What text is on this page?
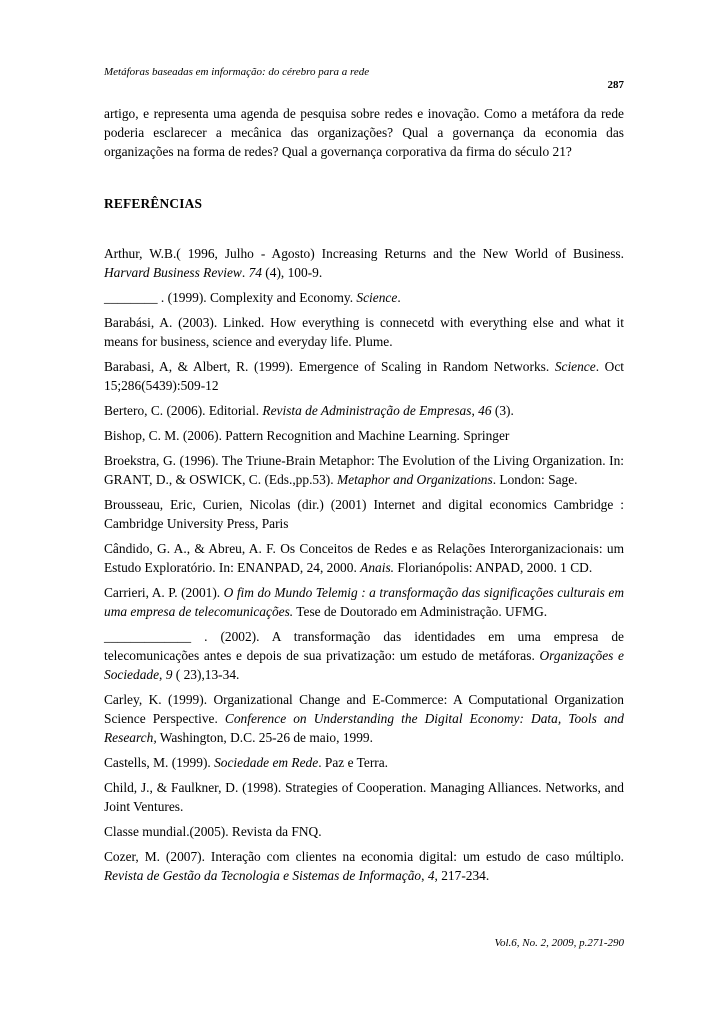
Metáforas baseadas em informação: do cérebro para a rede
287

artigo, e representa uma agenda de pesquisa sobre redes e inovação. Como a metáfora da rede poderia esclarecer a mecânica das organizações? Qual a governança da economia das organizações na forma de redes? Qual a governança corporativa da firma do século 21?

REFERÊNCIAS

Arthur, W.B.( 1996, Julho - Agosto) Increasing Returns and the New World of Business. Harvard Business Review. 74 (4), 100-9.

________ . (1999). Complexity and Economy. Science.

Barabási, A. (2003). Linked. How everything is connecetd with everything else and what it means for business, science and everyday life. Plume.

Barabasi, A, & Albert, R. (1999). Emergence of Scaling in Random Networks. Science. Oct 15;286(5439):509-12

Bertero, C. (2006). Editorial. Revista de Administração de Empresas, 46 (3).

Bishop, C. M. (2006). Pattern Recognition and Machine Learning. Springer

Broekstra, G. (1996). The Triune-Brain Metaphor: The Evolution of the Living Organization. In: GRANT, D., & OSWICK, C. (Eds.,pp.53). Metaphor and Organizations. London: Sage.

Brousseau, Eric, Curien, Nicolas (dir.) (2001) Internet and digital economics Cambridge : Cambridge University Press, Paris

Cândido, G. A., & Abreu, A. F. Os Conceitos de Redes e as Relações Interorganizacionais: um Estudo Exploratório. In: ENANPAD, 24, 2000. Anais. Florianópolis: ANPAD, 2000. 1 CD.

Carrieri, A. P. (2001). O fim do Mundo Telemig : a transformação das significações culturais em uma empresa de telecomunicações. Tese de Doutorado em Administração. UFMG.

_____________ . (2002). A transformação das identidades em uma empresa de telecomunicações antes e depois de sua privatização: um estudo de metáforas. Organizações e Sociedade, 9 ( 23),13-34.

Carley, K. (1999). Organizational Change and E-Commerce: A Computational Organization Science Perspective. Conference on Understanding the Digital Economy: Data, Tools and Research, Washington, D.C. 25-26 de maio, 1999.

Castells, M. (1999). Sociedade em Rede. Paz e Terra.

Child, J., & Faulkner, D. (1998). Strategies of Cooperation. Managing Alliances. Networks, and Joint Ventures.

Classe mundial.(2005). Revista da FNQ.

Cozer, M. (2007). Interação com clientes na economia digital: um estudo de caso múltiplo. Revista de Gestão da Tecnologia e Sistemas de Informação, 4, 217-234.

Vol.6, No. 2, 2009, p.271-290
